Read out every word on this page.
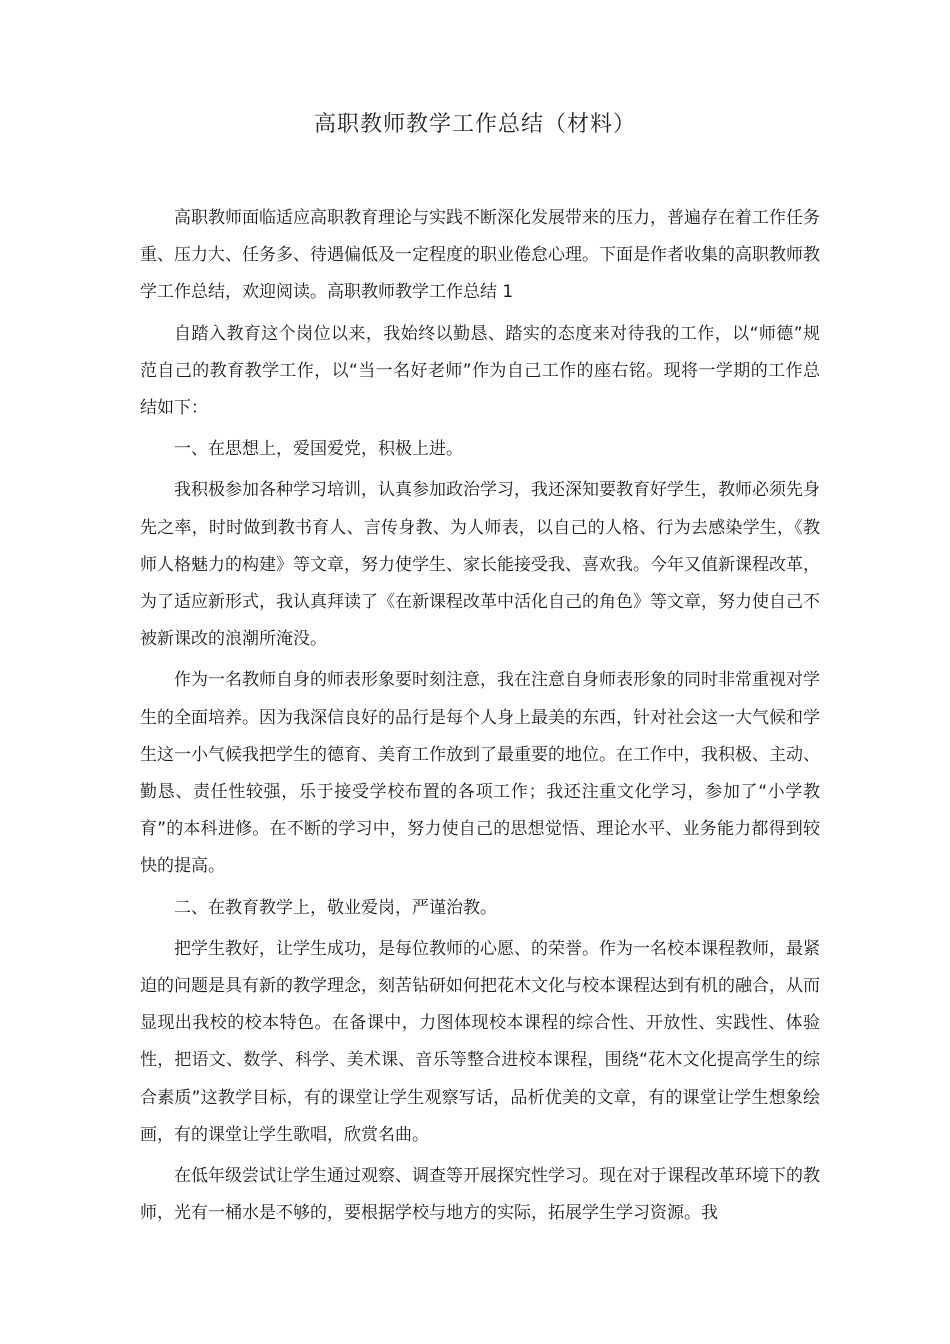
高职教师教学工作总结（材料）

高职教师面临适应高职教育理论与实践不断深化发展带来的压力，普遍存在着工作任务重、压力大、任务多、待遇偏低及一定程度的职业倦怠心理。下面是作者收集的高职教师教学工作总结，欢迎阅读。高职教师教学工作总结 1

自踏入教育这个岗位以来，我始终以勤恳、踏实的态度来对待我的工作，以“师德”规范自己的教育教学工作，以“当一名好老师”作为自己工作的座右铭。现将一学期的工作总结如下：

一、在思想上，爱国爱党，积极上进。

我积极参加各种学习培训，认真参加政治学习，我还深知要教育好学生，教师必须先身先之率，时时做到教书育人、言传身教、为人师表，以自己的人格、行为去感染学生，《教师人格魅力的构建》等文章，努力使学生、家长能接受我、喜欢我。今年又值新课程改革，为了适应新形式，我认真拜读了《在新课程改革中活化自己的角色》等文章，努力使自己不被新课改的浪潮所淹没。

作为一名教师自身的师表形象要时刻注意，我在注意自身师表形象的同时非常重视对学生的全面培养。因为我深信良好的品行是每个人身上最美的东西，针对社会这一大气候和学生这一小气候我把学生的德育、美育工作放到了最重要的地位。在工作中，我积极、主动、勤恳、责任性较强，乐于接受学校布置的各项工作；我还注重文化学习，参加了“小学教育”的本科进修。在不断的学习中，努力使自己的思想觉悟、理论水平、业务能力都得到较快的提高。

二、在教育教学上，敬业爱岗，严谨治教。

把学生教好，让学生成功，是每位教师的心愿、的荣誉。作为一名校本课程教师，最紧迫的问题是具有新的教学理念，刻苦钻研如何把花木文化与校本课程达到有机的融合，从而显现出我校的校本特色。在备课中，力图体现校本课程的综合性、开放性、实践性、体验性，把语文、数学、科学、美术课、音乐等整合进校本课程，围绕“花木文化提高学生的综合素质”这教学目标，有的课堂让学生观察写话，品析优美的文章，有的课堂让学生想象绘画，有的课堂让学生歌唱，欣赏名曲。

在低年级尝试让学生通过观察、调查等开展探究性学习。现在对于课程改革环境下的教师，光有一桶水是不够的，要根据学校与地方的实际，拓展学生学习资源。我
